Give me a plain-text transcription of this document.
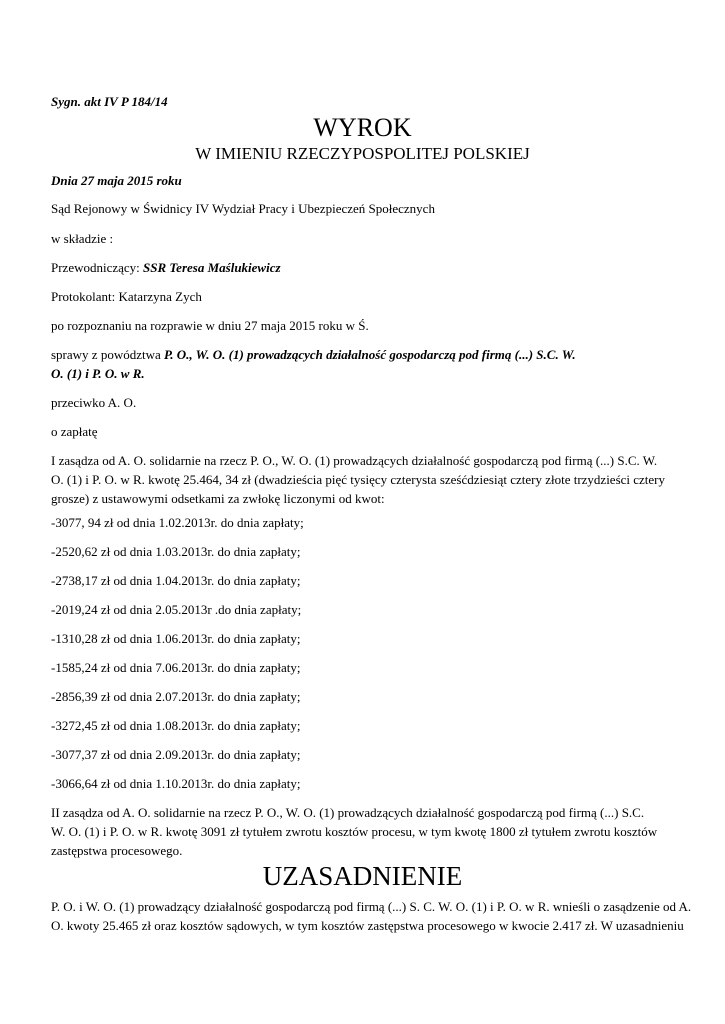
Sygn. akt IV P 184/14
WYROK
W IMIENIU RZECZYPOSPOLITEJ POLSKIEJ
Dnia 27 maja 2015 roku
Sąd Rejonowy w Świdnicy IV Wydział Pracy i Ubezpieczeń Społecznych
w składzie :
Przewodniczący: SSR Teresa Maślukiewicz
Protokolant: Katarzyna Zych
po rozpoznaniu na rozprawie w dniu 27 maja 2015 roku w Ś.
sprawy z powództwa P. O., W. O. (1) prowadzących działalność gospodarczą pod firmą (...) S.C. W.
O. (1) i P. O. w R.
przeciwko A. O.
o zapłatę
I zasądza od A. O. solidarnie na rzecz P. O., W. O. (1) prowadzących działalność gospodarczą pod firmą (...) S.C. W.
O. (1) i P. O. w R. kwotę 25.464, 34 zł (dwadzieścia pięć tysięcy czterysta sześćdziesiąt cztery złote trzydzieści cztery
grosze) z ustawowymi odsetkami za zwłokę liczonymi od kwot:
-3077, 94 zł od dnia 1.02.2013r. do dnia zapłaty;
-2520,62 zł od dnia 1.03.2013r. do dnia zapłaty;
-2738,17 zł od dnia 1.04.2013r. do dnia zapłaty;
-2019,24 zł od dnia 2.05.2013r .do dnia zapłaty;
-1310,28 zł od dnia 1.06.2013r. do dnia zapłaty;
-1585,24 zł od dnia 7.06.2013r. do dnia zapłaty;
-2856,39 zł od dnia 2.07.2013r. do dnia zapłaty;
-3272,45 zł od dnia 1.08.2013r. do dnia zapłaty;
-3077,37 zł od dnia 2.09.2013r. do dnia zapłaty;
-3066,64 zł od dnia 1.10.2013r. do dnia zapłaty;
II zasądza od A. O. solidarnie na rzecz P. O., W. O. (1) prowadzących działalność gospodarczą pod firmą (...) S.C.
W. O. (1) i P. O. w R. kwotę 3091 zł tytułem zwrotu kosztów procesu, w tym kwotę 1800 zł tytułem zwrotu kosztów
zastępstwa procesowego.
UZASADNIENIE
P. O. i W. O. (1) prowadzący działalność gospodarczą pod firmą (...) S. C. W. O. (1) i P. O. w R. wnieśli o zasądzenie od A.
O. kwoty 25.465 zł oraz kosztów sądowych, w tym kosztów zastępstwa procesowego w kwocie 2.417 zł. W uzasadnieniu
